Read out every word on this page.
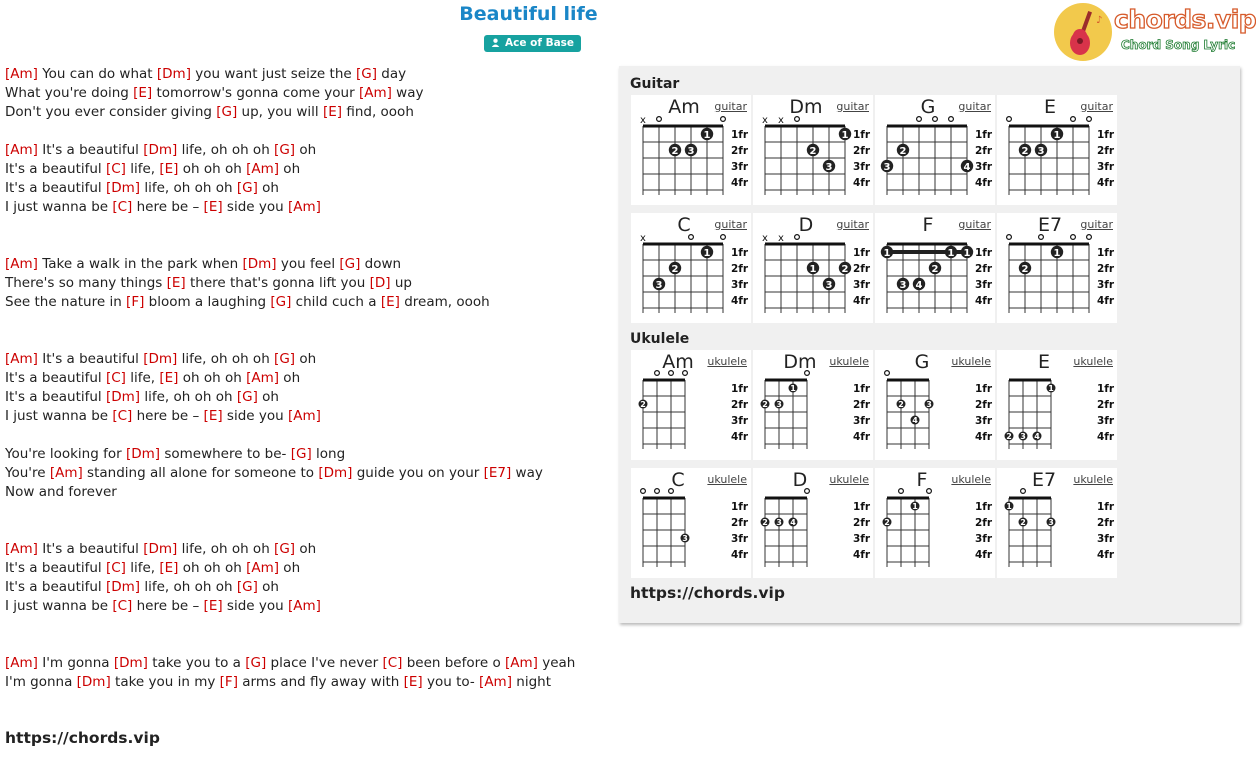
Beautiful life
Ace of Base
♪ chords.vip
Chord Song Lyric
[Am] You can do what [Dm] you want just seize the [G] day
What you're doing [E] tomorrow's gonna come your [Am] way
Don't you ever consider giving [G] up, you will [E] find, oooh
[Am] It's a beautiful [Dm] life, oh oh oh [G] oh
It's a beautiful [C] life, [E] oh oh oh [Am] oh
It's a beautiful [Dm] life, oh oh oh [G] oh
I just wanna be [C] here be – [E] side you [Am]
[Am] Take a walk in the park when [Dm] you feel [G] down
There's so many things [E] there that's gonna lift you [D] up
See the nature in [F] bloom a laughing [G] child cuch a [E] dream, oooh
[Am] It's a beautiful [Dm] life, oh oh oh [G] oh
It's a beautiful [C] life, [E] oh oh oh [Am] oh
It's a beautiful [Dm] life, oh oh oh [G] oh
I just wanna be [C] here be – [E] side you [Am]
You're looking for [Dm] somewhere to be- [G] long
You're [Am] standing all alone for someone to [Dm] guide you on your [E7] way
Now and forever
[Am] It's a beautiful [Dm] life, oh oh oh [G] oh
It's a beautiful [C] life, [E] oh oh oh [Am] oh
It's a beautiful [Dm] life, oh oh oh [G] oh
I just wanna be [C] here be – [E] side you [Am]
[Am] I'm gonna [Dm] take you to a [G] place I've never [C] been before o [Am] yeah
I'm gonna [Dm] take you in my [F] arms and fly away with [E] you to- [Am] night
https://chords.vip
Guitar
Ukulele
https://chords.vip
1fr
2fr
3fr
4fr
x
1
2 3
Am	guitar
1fr
2fr
3fr
4fr
x x
1
2
3
Dm	guitar
1fr
2fr
3fr
4fr
2
3	4
G	guitar
1fr
2fr
3fr
4fr
1
2 3
E	guitar
1fr
2fr
3fr
4fr
x
1
2
3
C	guitar
1fr
2fr
3fr
4fr
x x
1	2
3
D	guitar
1fr
2fr
3fr
4fr
1	1 1
2
3 4
F	guitar
1fr
2fr
3fr
4fr
1
2
E7	guitar
1fr
2fr
3fr
4fr
2
Am	ukulele
1fr
2fr
3fr
4fr
1
2 3
Dm	ukulele
1fr
2fr
3fr
4fr
2	3
4
G	ukulele
1fr
2fr
3fr
4fr
1
2 3 4
E	ukulele
1fr
2fr
3fr
4fr
3
C	ukulele
1fr
2fr
3fr
4fr
2 3 4
D	ukulele
1fr
2fr
3fr
4fr
1
2
F	ukulele
1fr
2fr
3fr
4fr
1
2	3
E7	ukulele
